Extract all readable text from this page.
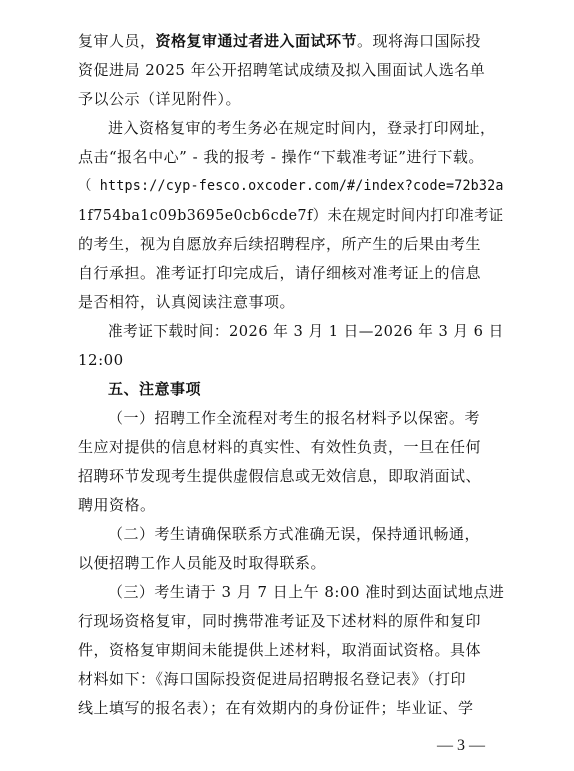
复审人员，资格复审通过者进入面试环节。现将海口国际投
资促进局 2025 年公开招聘笔试成绩及拟入围面试人选名单
予以公示（详见附件）。
进入资格复审的考生务必在规定时间内，登录打印网址，
点击“报名中心” - 我的报考 - 操作“下载准考证”进行下载。
（ https://cyp-fesco.oxcoder.com/#/index?code=72b32a
1f754ba1c09b3695e0cb6cde7f）未在规定时间内打印准考证
的考生，视为自愿放弃后续招聘程序，所产生的后果由考生
自行承担。准考证打印完成后，请仔细核对准考证上的信息
是否相符，认真阅读注意事项。
准考证下载时间：2026 年 3 月 1 日—2026 年 3 月 6 日
12:00
五、注意事项
（一）招聘工作全流程对考生的报名材料予以保密。考
生应对提供的信息材料的真实性、有效性负责，一旦在任何
招聘环节发现考生提供虚假信息或无效信息，即取消面试、
聘用资格。
（二）考生请确保联系方式准确无误，保持通讯畅通，
以便招聘工作人员能及时取得联系。
（三）考生请于 3 月 7 日上午 8:00 准时到达面试地点进
行现场资格复审，同时携带准考证及下述材料的原件和复印
件，资格复审期间未能提供上述材料，取消面试资格。具体
材料如下：《海口国际投资促进局招聘报名登记表》（打印
线上填写的报名表）；在有效期内的身份证件；毕业证、学
— 3 —
